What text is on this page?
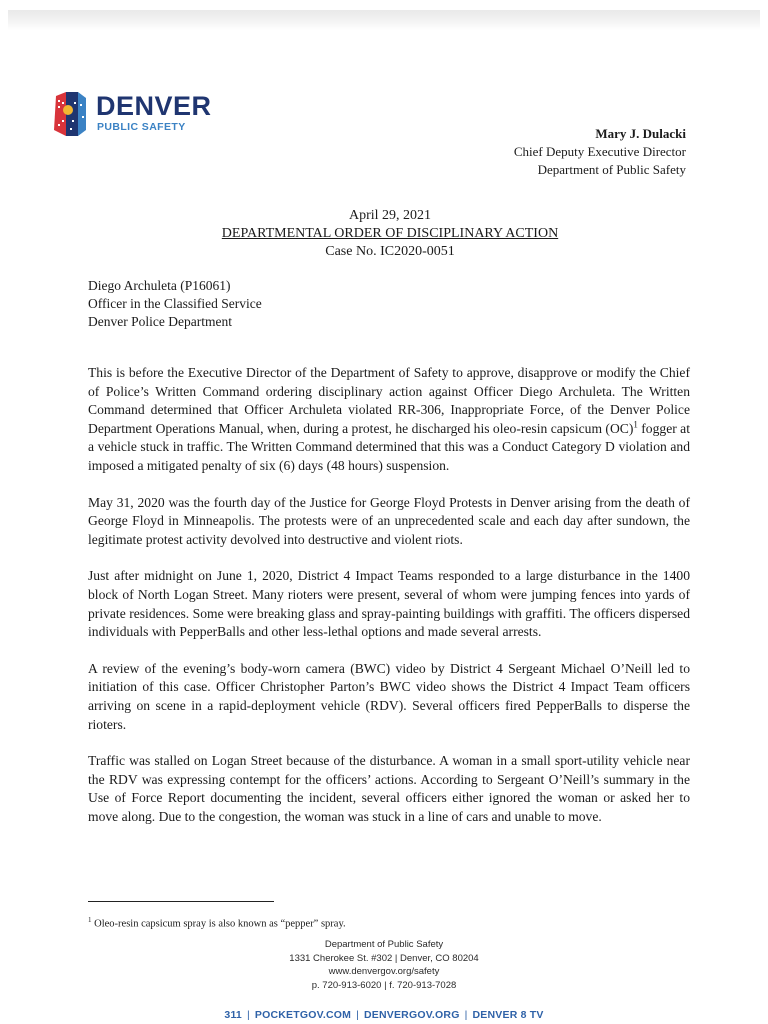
DENVER
PUBLIC SAFETY	Mary J. Dulacki
Chief Deputy Executive Director
Department of Public Safety
April 29, 2021
DEPARTMENTAL ORDER OF DISCIPLINARY ACTION
Case No. IC2020-0051
Diego Archuleta (P16061)
Officer in the Classified Service
Denver Police Department

This is before the Executive Director of the Department of Safety to approve, disapprove or modify the Chief of Police’s Written Command ordering disciplinary action against Officer Diego Archuleta. The Written Command determined that Officer Archuleta violated RR-306, Inappropriate Force, of the Denver Police Department Operations Manual, when, during a protest, he discharged his oleo-resin capsicum (OC)$^1$ fogger at a vehicle stuck in traffic. The Written Command determined that this was a Conduct Category D violation and imposed a mitigated penalty of six (6) days (48 hours) suspension.

May 31, 2020 was the fourth day of the Justice for George Floyd Protests in Denver arising from the death of George Floyd in Minneapolis. The protests were of an unprecedented scale and each day after sundown, the legitimate protest activity devolved into destructive and violent riots.

Just after midnight on June 1, 2020, District 4 Impact Teams responded to a large disturbance in the 1400 block of North Logan Street. Many rioters were present, several of whom were jumping fences into yards of private residences. Some were breaking glass and spray-painting buildings with graffiti. The officers dispersed individuals with PepperBalls and other less-lethal options and made several arrests.

A review of the evening’s body-worn camera (BWC) video by District 4 Sergeant Michael O’Neill led to initiation of this case. Officer Christopher Parton’s BWC video shows the District 4 Impact Team officers arriving on scene in a rapid-deployment vehicle (RDV). Several officers fired PepperBalls to disperse the rioters.

Traffic was stalled on Logan Street because of the disturbance. A woman in a small sport-utility vehicle near the RDV was expressing contempt for the officers’ actions. According to Sergeant O’Neill’s summary in the Use of Force Report documenting the incident, several officers either ignored the woman or asked her to move along. Due to the congestion, the woman was stuck in a line of cars and unable to move.

$^1$ Oleo-resin capsicum spray is also known as “pepper” spray.
Department of Public Safety
1331 Cherokee St. #302 | Denver, CO 80204
www.denvergov.org/safety
p. 720-913-6020 | f. 720-913-7028
311 | POCKETGOV.COM | DENVERGOV.ORG | DENVER 8 TV
